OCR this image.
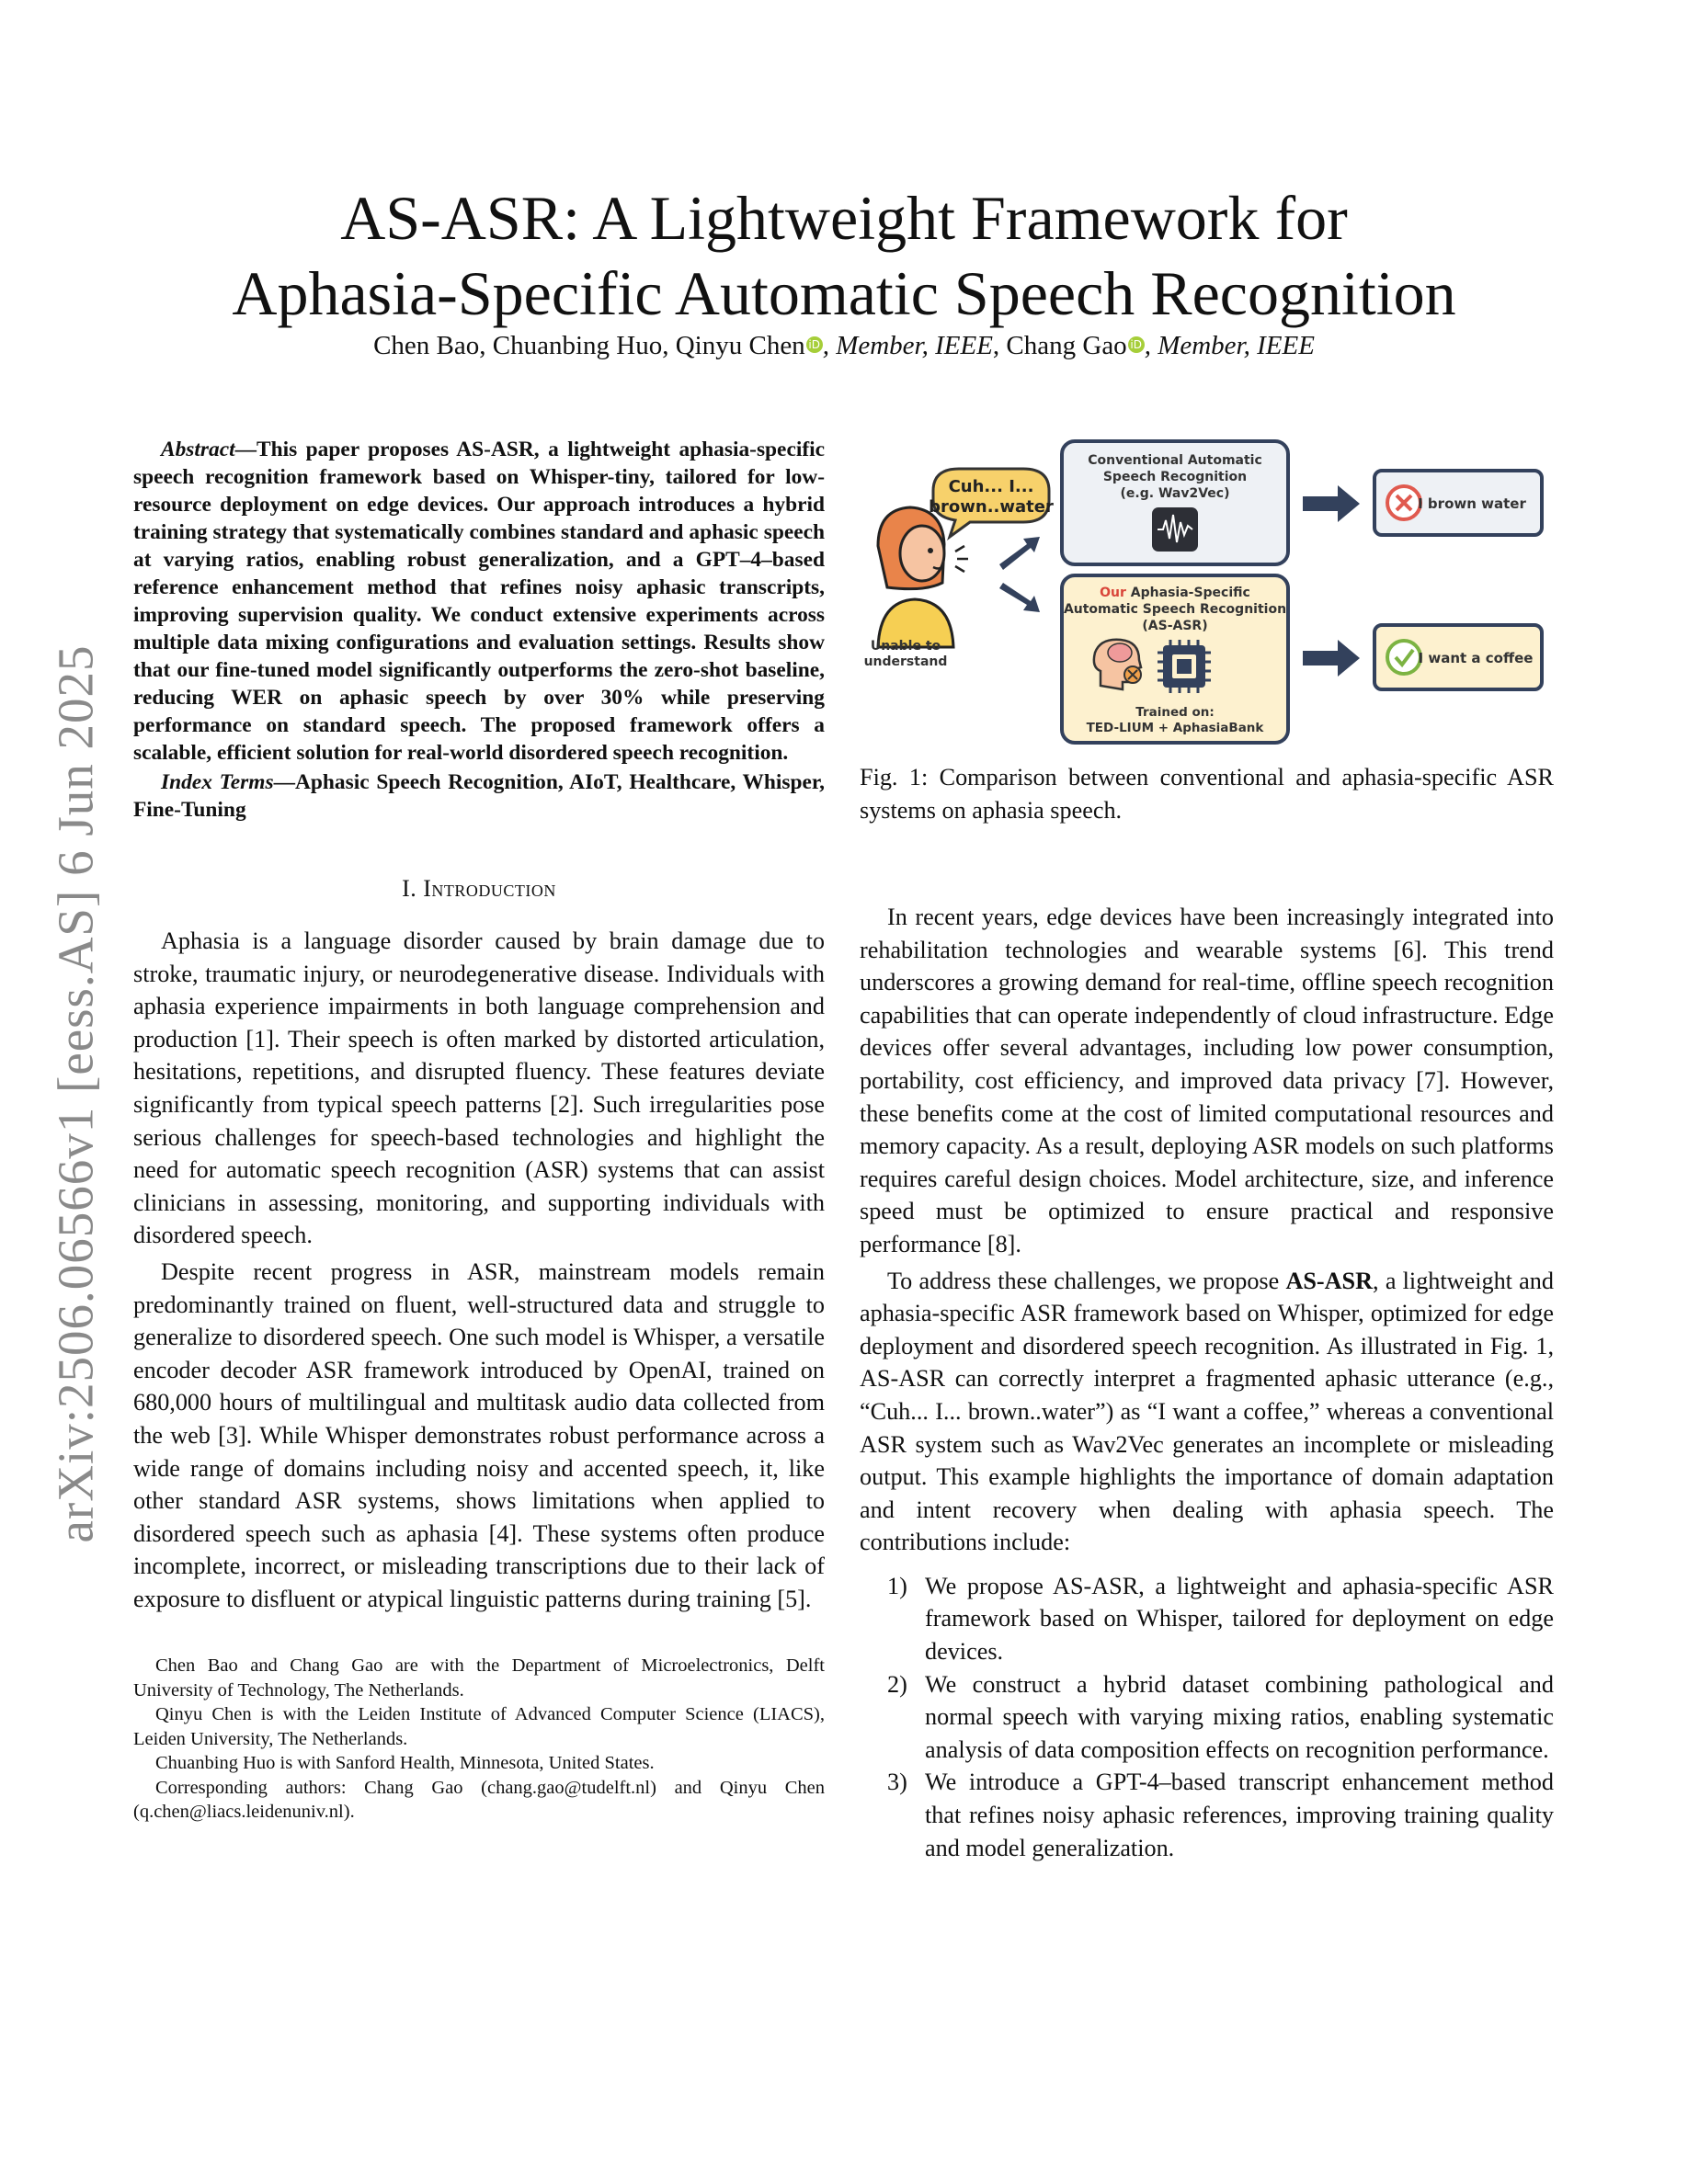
arXiv:2506.06566v1 [eess.AS] 6 Jun 2025
AS-ASR: A Lightweight Framework for
Aphasia-Specific Automatic Speech Recognition
Chen Bao, Chuanbing Huo, Qinyu Chen iD, Member, IEEE, Chang Gao iD, Member, IEEE

Abstract—This paper proposes AS-ASR, a lightweight aphasia-specific speech recognition framework based on Whisper-tiny, tailored for low-resource deployment on edge devices. Our approach introduces a hybrid training strategy that systematically combines standard and aphasic speech at varying ratios, enabling robust generalization, and a GPT–4–based reference enhancement method that refines noisy aphasic transcripts, improving supervision quality. We conduct extensive experiments across multiple data mixing configurations and evaluation settings. Results show that our fine-tuned model significantly outperforms the zero-shot baseline, reducing WER on aphasic speech by over 30% while preserving performance on standard speech. The proposed framework offers a scalable, efficient solution for real-world disordered speech recognition.

Index Terms—Aphasic Speech Recognition, AIoT, Healthcare, Whisper, Fine-Tuning

I. Introduction

Aphasia is a language disorder caused by brain damage due to stroke, traumatic injury, or neurodegenerative disease. Individuals with aphasia experience impairments in both language comprehension and production [1]. Their speech is often marked by distorted articulation, hesitations, repetitions, and disrupted fluency. These features deviate significantly from typical speech patterns [2]. Such irregularities pose serious challenges for speech-based technologies and highlight the need for automatic speech recognition (ASR) systems that can assist clinicians in assessing, monitoring, and supporting individuals with disordered speech.

Despite recent progress in ASR, mainstream models remain predominantly trained on fluent, well-structured data and struggle to generalize to disordered speech. One such model is Whisper, a versatile encoder decoder ASR framework introduced by OpenAI, trained on 680,000 hours of multilingual and multitask audio data collected from the web [3]. While Whisper demonstrates robust performance across a wide range of domains including noisy and accented speech, it, like other standard ASR systems, shows limitations when applied to disordered speech such as aphasia [4]. These systems often produce incomplete, incorrect, or misleading transcriptions due to their lack of exposure to disfluent or atypical linguistic patterns during training [5].

Chen Bao and Chang Gao are with the Department of Microelectronics, Delft University of Technology, The Netherlands.

Qinyu Chen is with the Leiden Institute of Advanced Computer Science (LIACS), Leiden University, The Netherlands.

Chuanbing Huo is with Sanford Health, Minnesota, United States.

Corresponding authors: Chang Gao (chang.gao@tudelft.nl) and Qinyu Chen (q.chen@liacs.leidenuniv.nl).

Unable to
understand
Cuh... I...
brown..water
Conventional Automatic
Speech Recognition
(e.g. Wav2Vec)
Our Aphasia-Specific
Automatic Speech Recognition
(AS-ASR)
Trained on:
TED-LIUM + AphasiaBank
I brown water
I want a coffee
Fig. 1: Comparison between conventional and aphasia-specific ASR systems on aphasia speech.

In recent years, edge devices have been increasingly integrated into rehabilitation technologies and wearable systems [6]. This trend underscores a growing demand for real-time, offline speech recognition capabilities that can operate independently of cloud infrastructure. Edge devices offer several advantages, including low power consumption, portability, cost efficiency, and improved data privacy [7]. However, these benefits come at the cost of limited computational resources and memory capacity. As a result, deploying ASR models on such platforms requires careful design choices. Model architecture, size, and inference speed must be optimized to ensure practical and responsive performance [8].

To address these challenges, we propose AS-ASR, a lightweight and aphasia-specific ASR framework based on Whisper, optimized for edge deployment and disordered speech recognition. As illustrated in Fig. 1, AS-ASR can correctly interpret a fragmented aphasic utterance (e.g., “Cuh... I... brown..water”) as “I want a coffee,” whereas a conventional ASR system such as Wav2Vec generates an incomplete or misleading output. This example highlights the importance of domain adaptation and intent recovery when dealing with aphasia speech. The contributions include:

1) We propose AS-ASR, a lightweight and aphasia-specific ASR framework based on Whisper, tailored for deployment on edge devices.
2) We construct a hybrid dataset combining pathological and normal speech with varying mixing ratios, enabling systematic analysis of data composition effects on recognition performance.
3) We introduce a GPT-4–based transcript enhancement method that refines noisy aphasic references, improving training quality and model generalization.
